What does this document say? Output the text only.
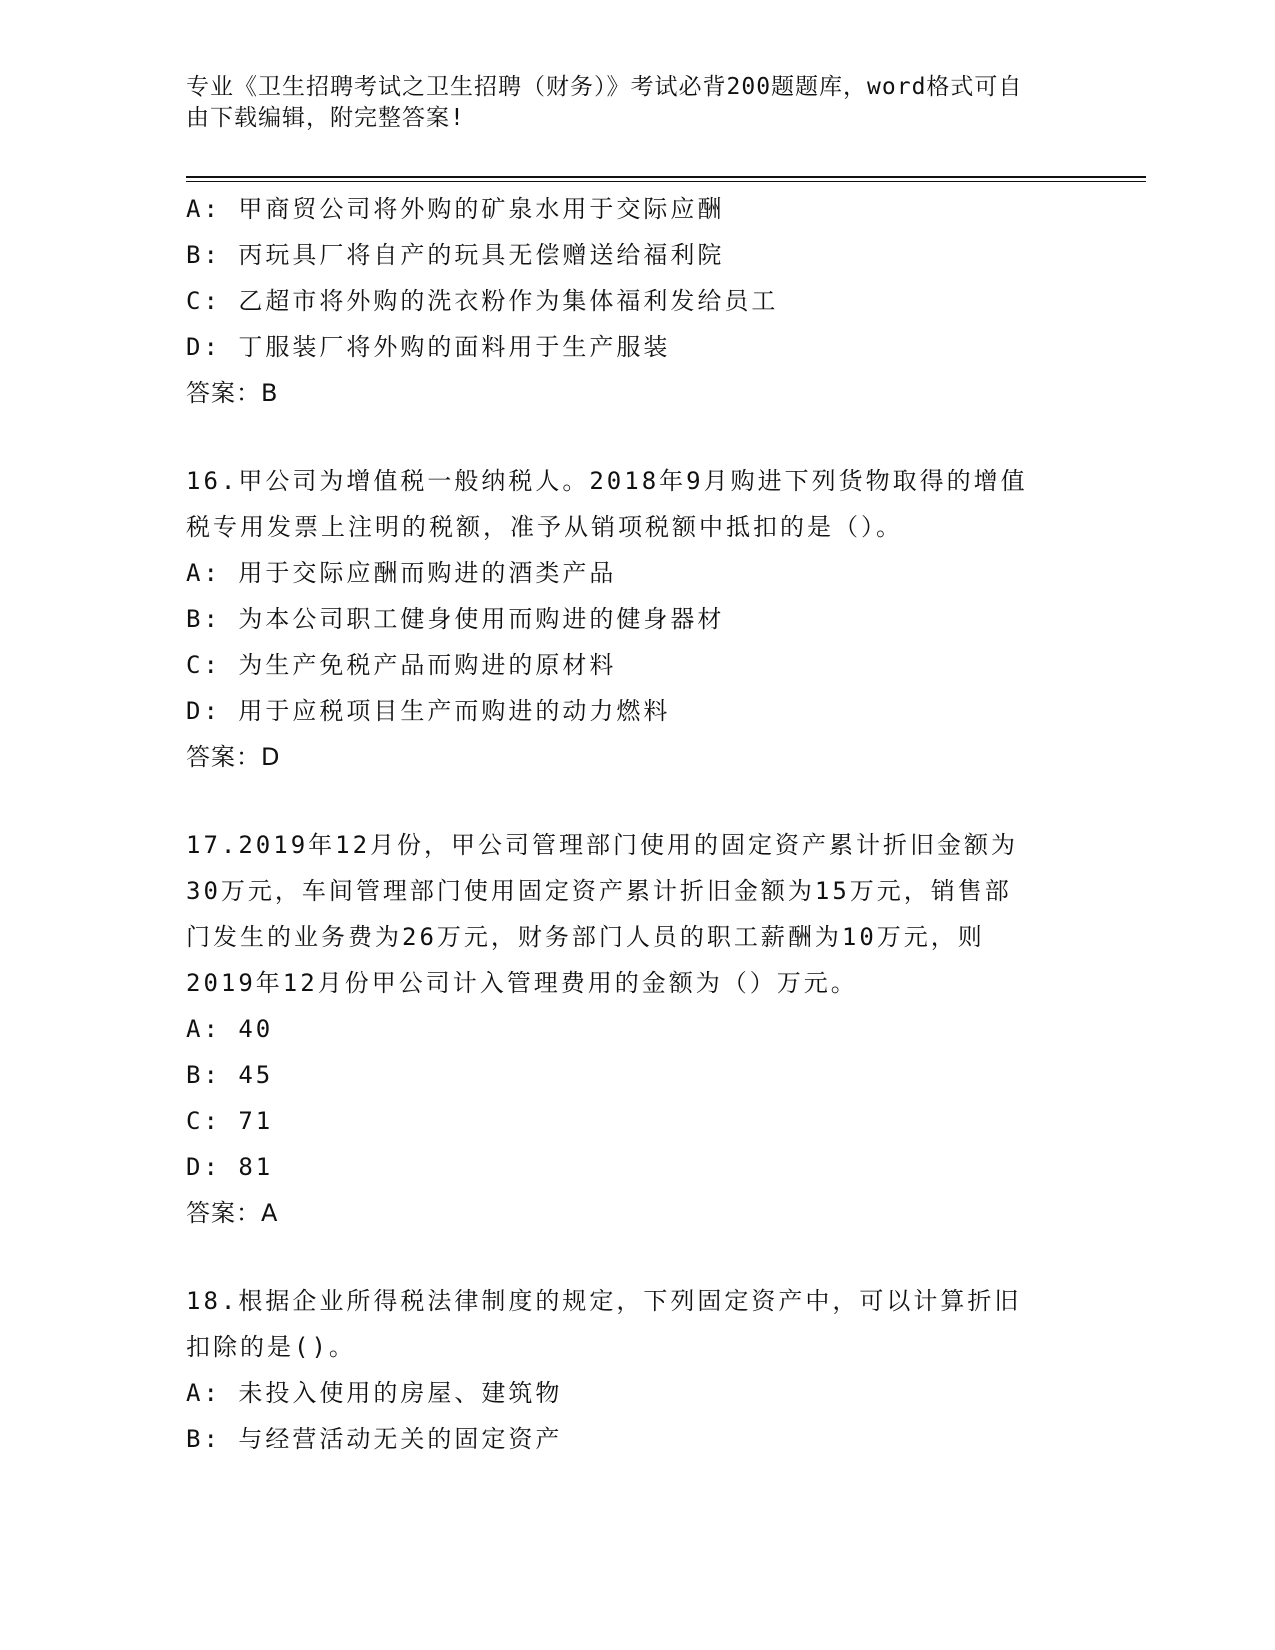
专业《卫生招聘考试之卫生招聘（财务）》考试必背200题题库，word格式可自
由下载编辑，附完整答案!
A: 甲商贸公司将外购的矿泉水用于交际应酬
B: 丙玩具厂将自产的玩具无偿赠送给福利院
C: 乙超市将外购的洗衣粉作为集体福利发给员工
D: 丁服装厂将外购的面料用于生产服装
答案：B
16.甲公司为增值税一般纳税人。2018年9月购进下列货物取得的增值
税专用发票上注明的税额，准予从销项税额中抵扣的是（）。
A: 用于交际应酬而购进的酒类产品
B: 为本公司职工健身使用而购进的健身器材
C: 为生产免税产品而购进的原材料
D: 用于应税项目生产而购进的动力燃料
答案：D
17.2019年12月份，甲公司管理部门使用的固定资产累计折旧金额为
30万元，车间管理部门使用固定资产累计折旧金额为15万元，销售部
门发生的业务费为26万元，财务部门人员的职工薪酬为10万元，则
2019年12月份甲公司计入管理费用的金额为（）万元。
A: 40
B: 45
C: 71
D: 81
答案：A
18.根据企业所得税法律制度的规定，下列固定资产中，可以计算折旧
扣除的是()。
A: 未投入使用的房屋、建筑物
B: 与经营活动无关的固定资产
